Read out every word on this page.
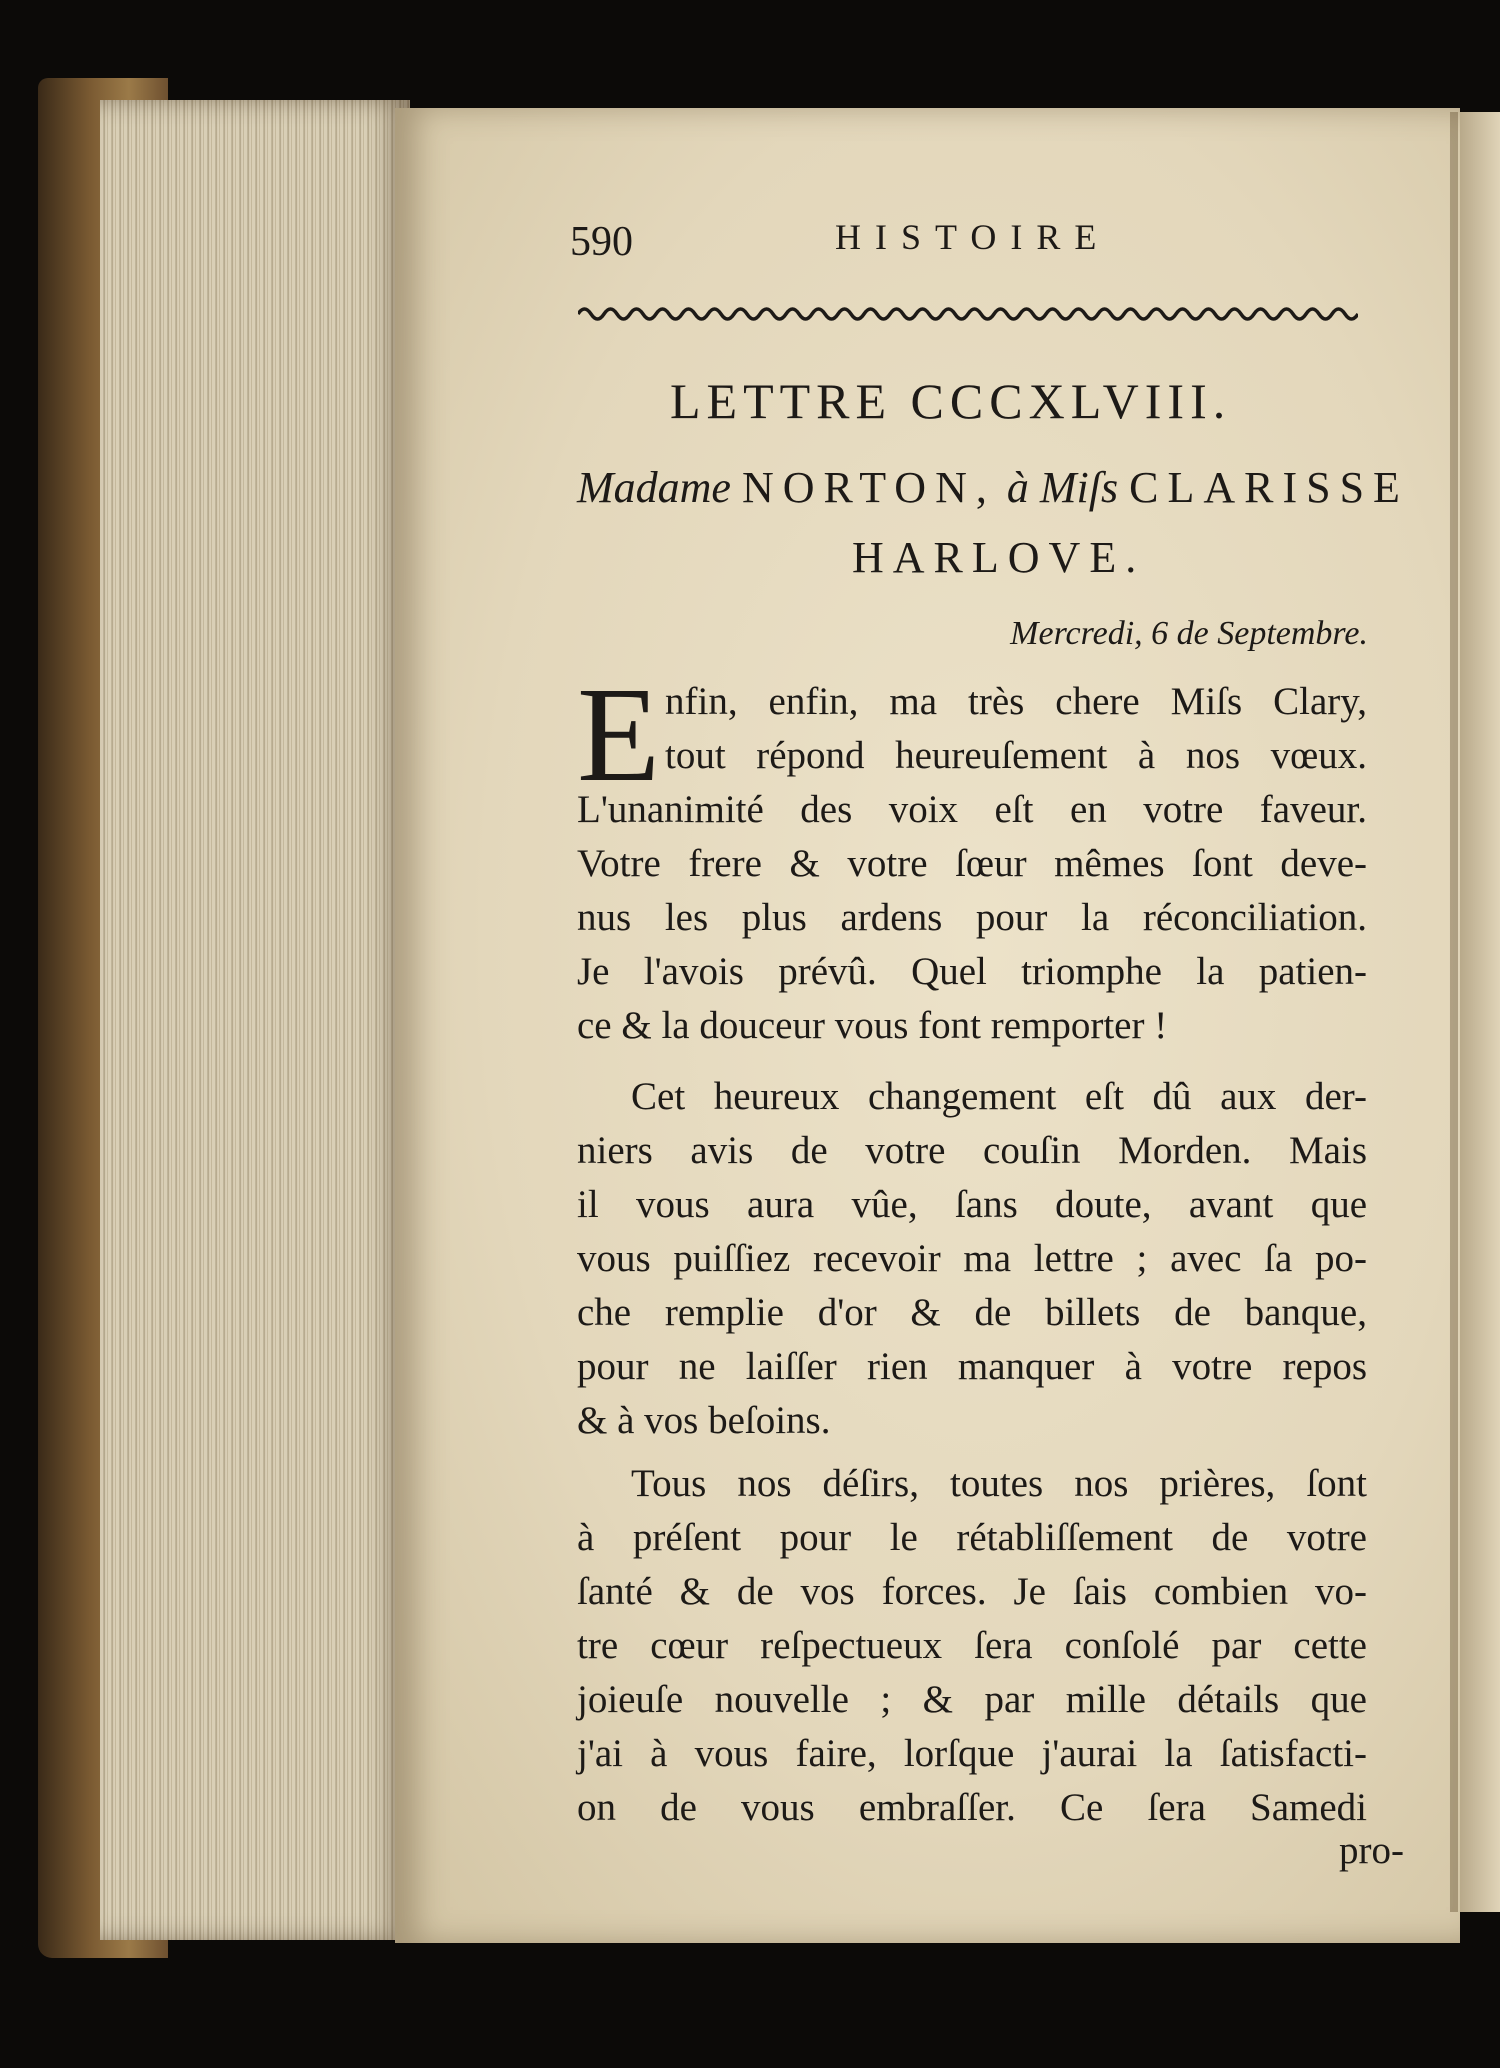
590	HISTOIRE
LETTRE CCCXLVIII.
Madame NORTON, à Miſs CLARISSE
HARLOVE.
Mercredi, 6 de Septembre.
E nfin, enfin, ma très chere Miſs Clary,
tout répond heureuſement à nos vœux.
L'unanimité des voix eſt en votre faveur.
Votre frere & votre ſœur mêmes ſont deve-
nus les plus ardens pour la réconciliation.
Je l'avois prévû. Quel triomphe la patien-
ce & la douceur vous font remporter !
Cet heureux changement eſt dû aux der-
niers avis de votre couſin Morden. Mais
il vous aura vûe, ſans doute, avant que
vous puiſſiez recevoir ma lettre ; avec ſa po-
che remplie d'or & de billets de banque,
pour ne laiſſer rien manquer à votre repos
& à vos beſoins.
Tous nos déſirs, toutes nos prières, ſont
à préſent pour le rétabliſſement de votre
ſanté & de vos forces. Je ſais combien vo-
tre cœur reſpectueux ſera conſolé par cette
joieuſe nouvelle ; & par mille détails que
j'ai à vous faire, lorſque j'aurai la ſatisfacti-
on de vous embraſſer. Ce ſera Samedi
pro-
